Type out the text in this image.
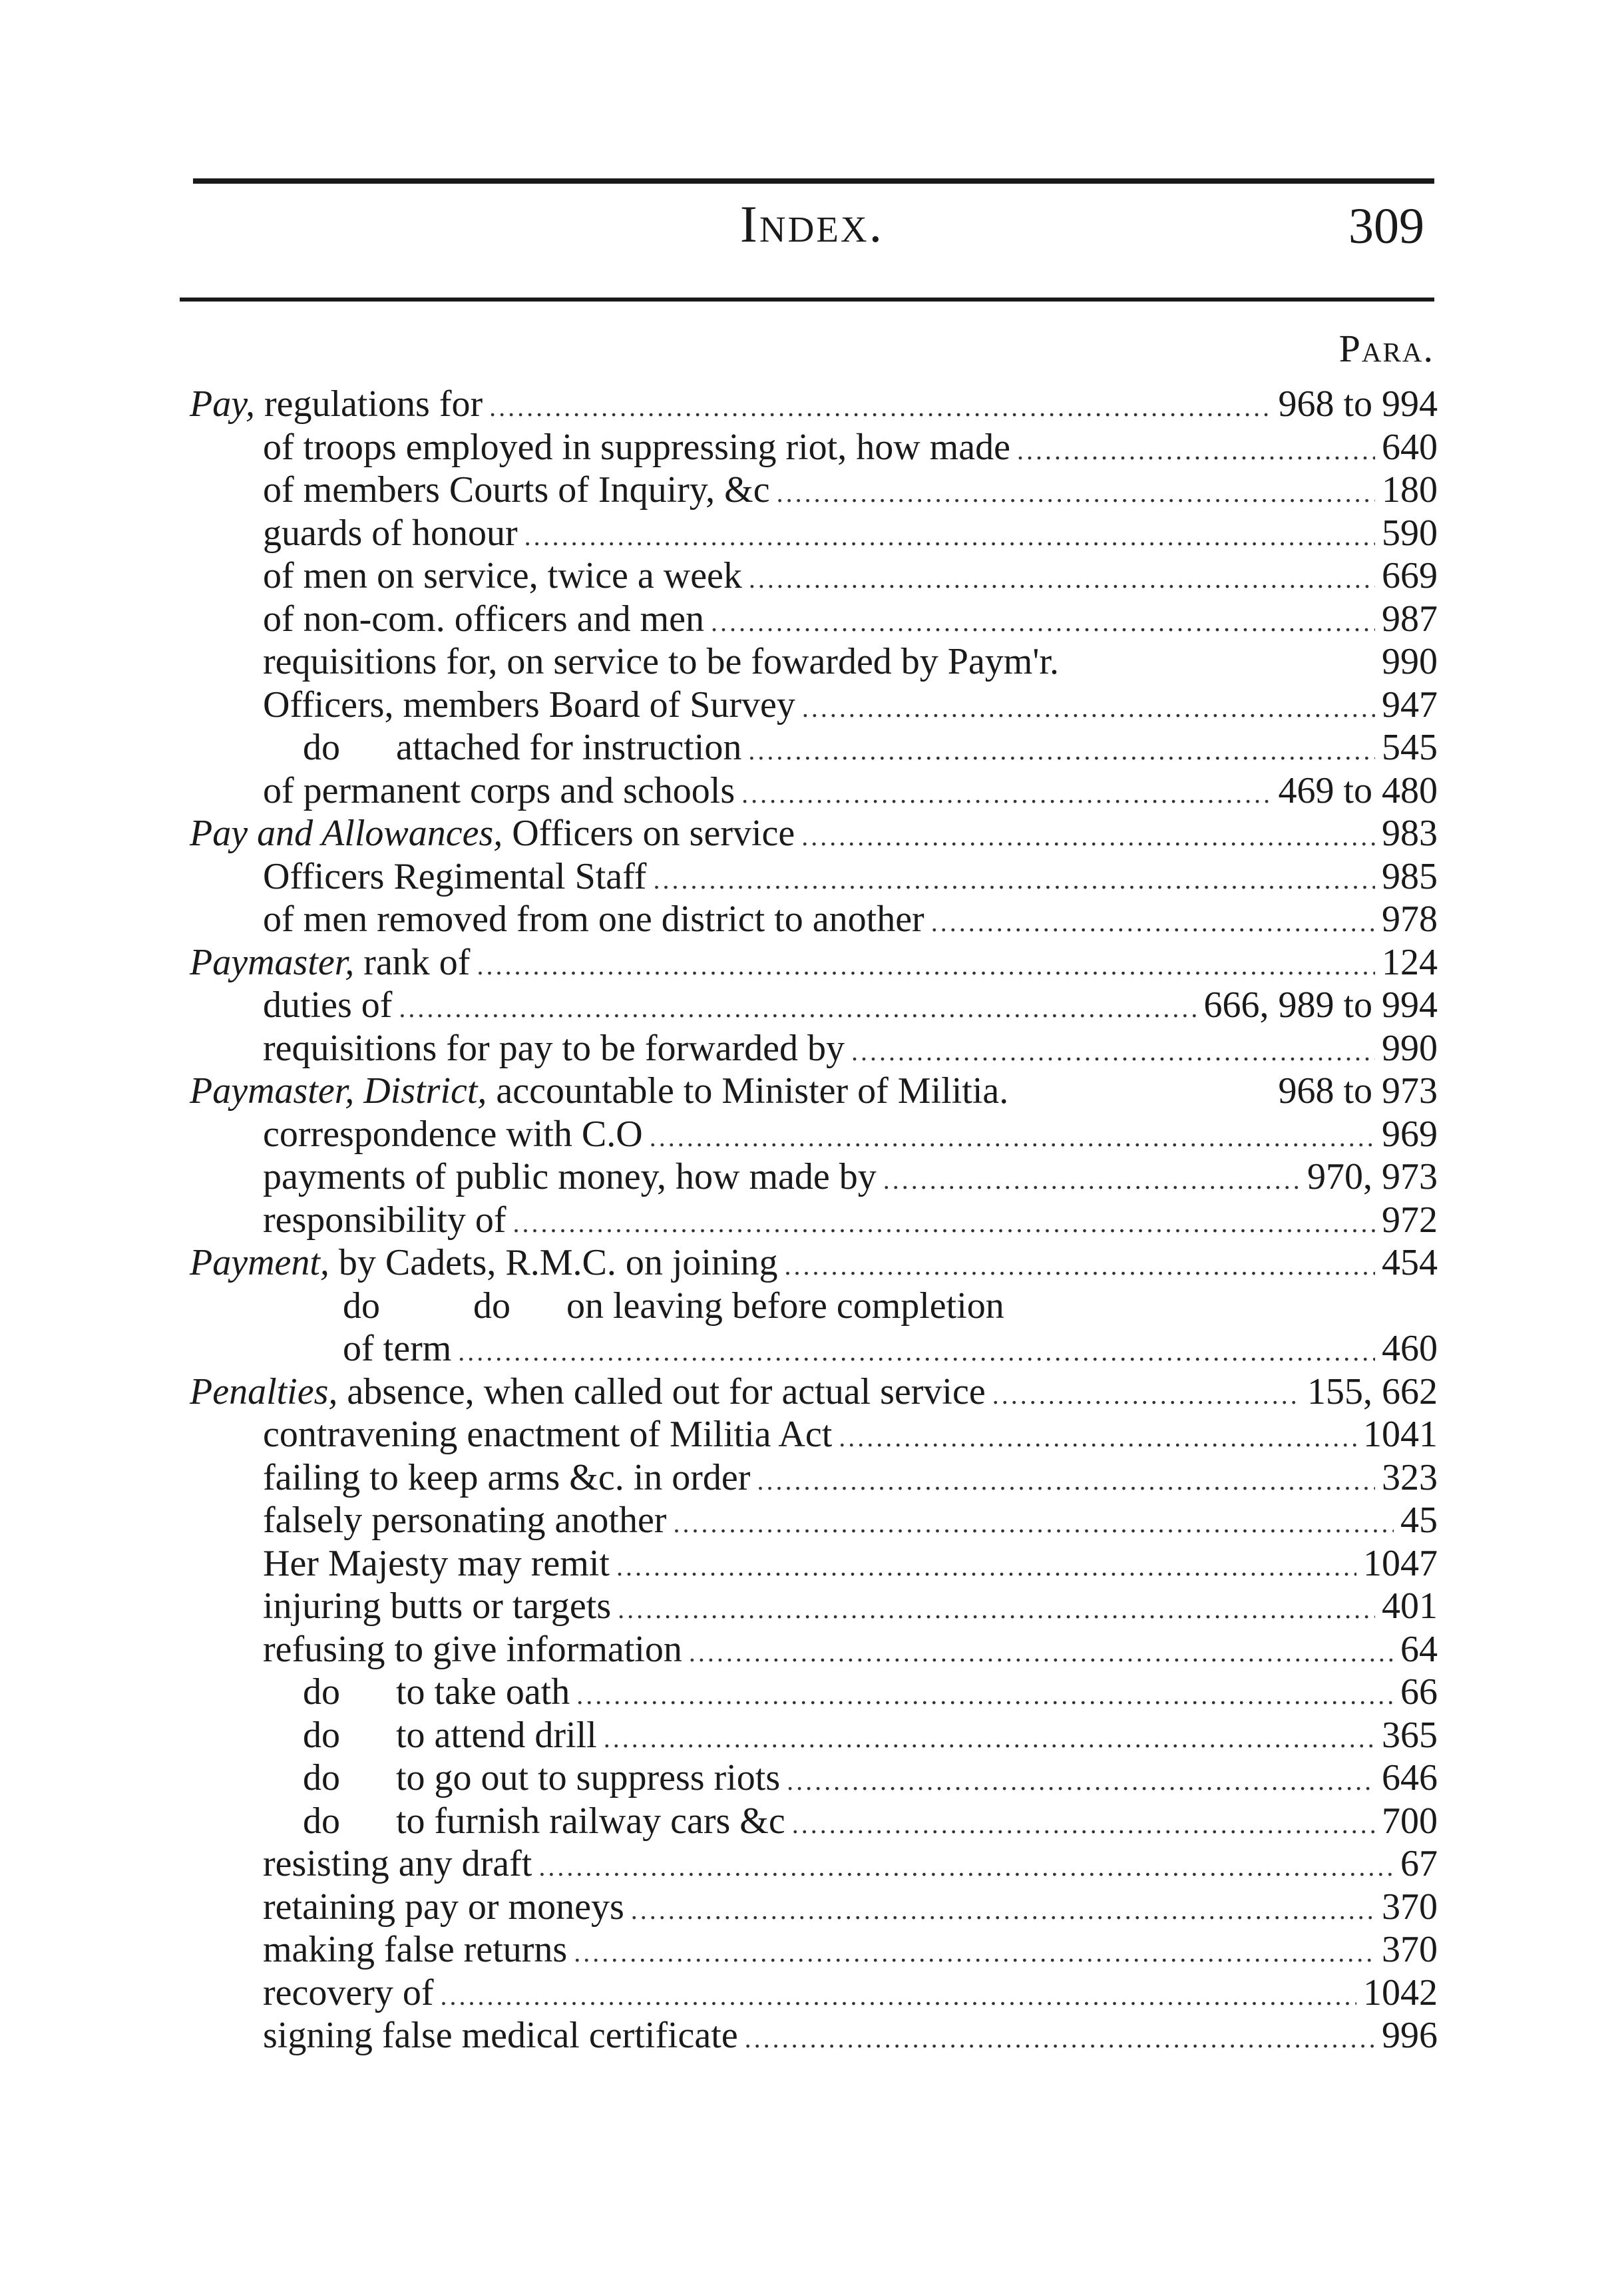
Index.	309
Para.
Pay, regulations for .....	968 to 994
of troops employed in suppressing riot, how made .....	640
of members Courts of Inquiry, &c .....	180
guards of honour .....	590
of men on service, twice a week .....	669
of non-com. officers and men .....	987
requisitions for, on service to be fowarded by Paym'r.	990
Officers, members Board of Survey .....	947
do      attached for instruction .....	545
of permanent corps and schools .....	469 to 480
Pay and Allowances, Officers on service .....	983
Officers Regimental Staff .....	985
of men removed from one district to another .....	978
Paymaster, rank of .....	124
duties of .....	666, 989 to 994
requisitions for pay to be forwarded by .....	990
Paymaster, District, accountable to Minister of Militia.	968 to 973
correspondence with C.O .....	969
payments of public money, how made by .....	970, 973
responsibility of .....	972
Payment, by Cadets, R.M.C. on joining .....	454
do          do      on leaving before completion
of term .....	460
Penalties, absence, when called out for actual service .....	155, 662
contravening enactment of Militia Act .....	1041
failing to keep arms &c. in order .....	323
falsely personating another .....	45
Her Majesty may remit .....	1047
injuring butts or targets .....	401
refusing to give information .....	64
do      to take oath .....	66
do      to attend drill .....	365
do      to go out to suppress riots .....	646
do      to furnish railway cars &c .....	700
resisting any draft .....	67
retaining pay or moneys .....	370
making false returns .....	370
recovery of .....	1042
signing false medical certificate .....	996
